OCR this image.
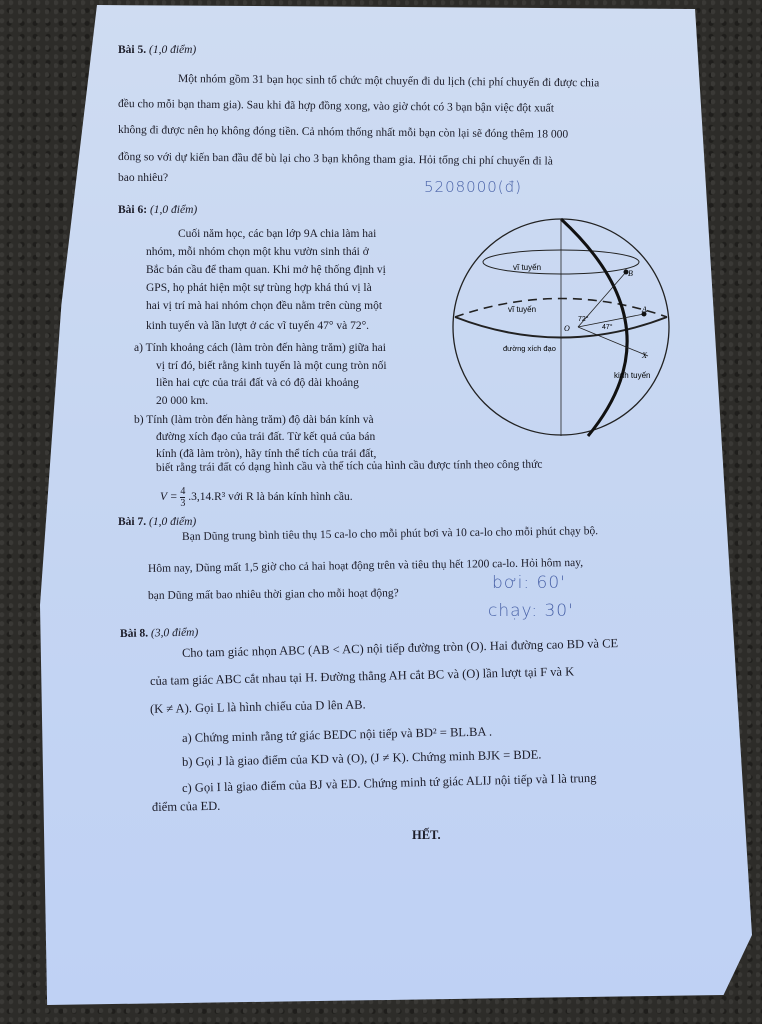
Bài 5. (1,0 điểm)
Một nhóm gồm 31 bạn học sinh tổ chức một chuyến đi du lịch (chi phí chuyến đi được chia
đều cho mỗi bạn tham gia). Sau khi đã hợp đồng xong, vào giờ chót có 3 bạn bận việc đột xuất
không đi được nên họ không đóng tiền. Cả nhóm thống nhất mỗi bạn còn lại sẽ đóng thêm 18 000
đồng so với dự kiến ban đầu để bù lại cho 3 bạn không tham gia. Hỏi tổng chi phí chuyến đi là
bao nhiêu?	5208000(đ)
Bài 6: (1,0 điểm)
Cuối năm học, các bạn lớp 9A chia làm hai
nhóm, mỗi nhóm chọn một khu vườn sinh thái ở
Bắc bán cầu để tham quan. Khi mở hệ thống định vị
GPS, họ phát hiện một sự trùng hợp khá thú vị là
hai vị trí mà hai nhóm chọn đều nằm trên cùng một
kinh tuyến và lần lượt ở các vĩ tuyến 47° và 72°.
a) Tính khoảng cách (làm tròn đến hàng trăm) giữa hai
vị trí đó, biết rằng kinh tuyến là một cung tròn nối
liền hai cực của trái đất và có độ dài khoảng
20 000 km.
b) Tính (làm tròn đến hàng trăm) độ dài bán kính và
đường xích đạo của trái đất. Từ kết quả của bán
kính (đã làm tròn), hãy tính thể tích của trái đất,
biết rằng trái đất có dạng hình cầu và thể tích của hình cầu được tính theo công thức
$V = \frac{4}{3} .3,14.R^3$ với R là bán kính hình cầu.
vĩ tuyến
vĩ tuyến
đường xích đạo
kinh tuyến
B
A
O
X
72°
47°
Bài 7. (1,0 điểm)
Bạn Dũng trung bình tiêu thụ 15 ca-lo cho mỗi phút bơi và 10 ca-lo cho mỗi phút chạy bộ.
Hôm nay, Dũng mất 1,5 giờ cho cả hai hoạt động trên và tiêu thụ hết 1200 ca-lo. Hỏi hôm nay,
bạn Dũng mất bao nhiêu thời gian cho mỗi hoạt động?
bơi: 60'
chạy: 30'
Bài 8. (3,0 điểm)
Cho tam giác nhọn ABC (AB < AC) nội tiếp đường tròn (O). Hai đường cao BD và CE
của tam giác ABC cắt nhau tại H. Đường thẳng AH cắt BC và (O) lần lượt tại F và K
(K ≠ A). Gọi L là hình chiếu của D lên AB.
a) Chứng minh rằng tứ giác BEDC nội tiếp và BD² = BL.BA .
b) Gọi J là giao điểm của KD và (O), (J ≠ K). Chứng minh BJK = BDE.
c) Gọi I là giao điểm của BJ và ED. Chứng minh tứ giác ALIJ nội tiếp và I là trung
điểm của ED.
HẾT.
